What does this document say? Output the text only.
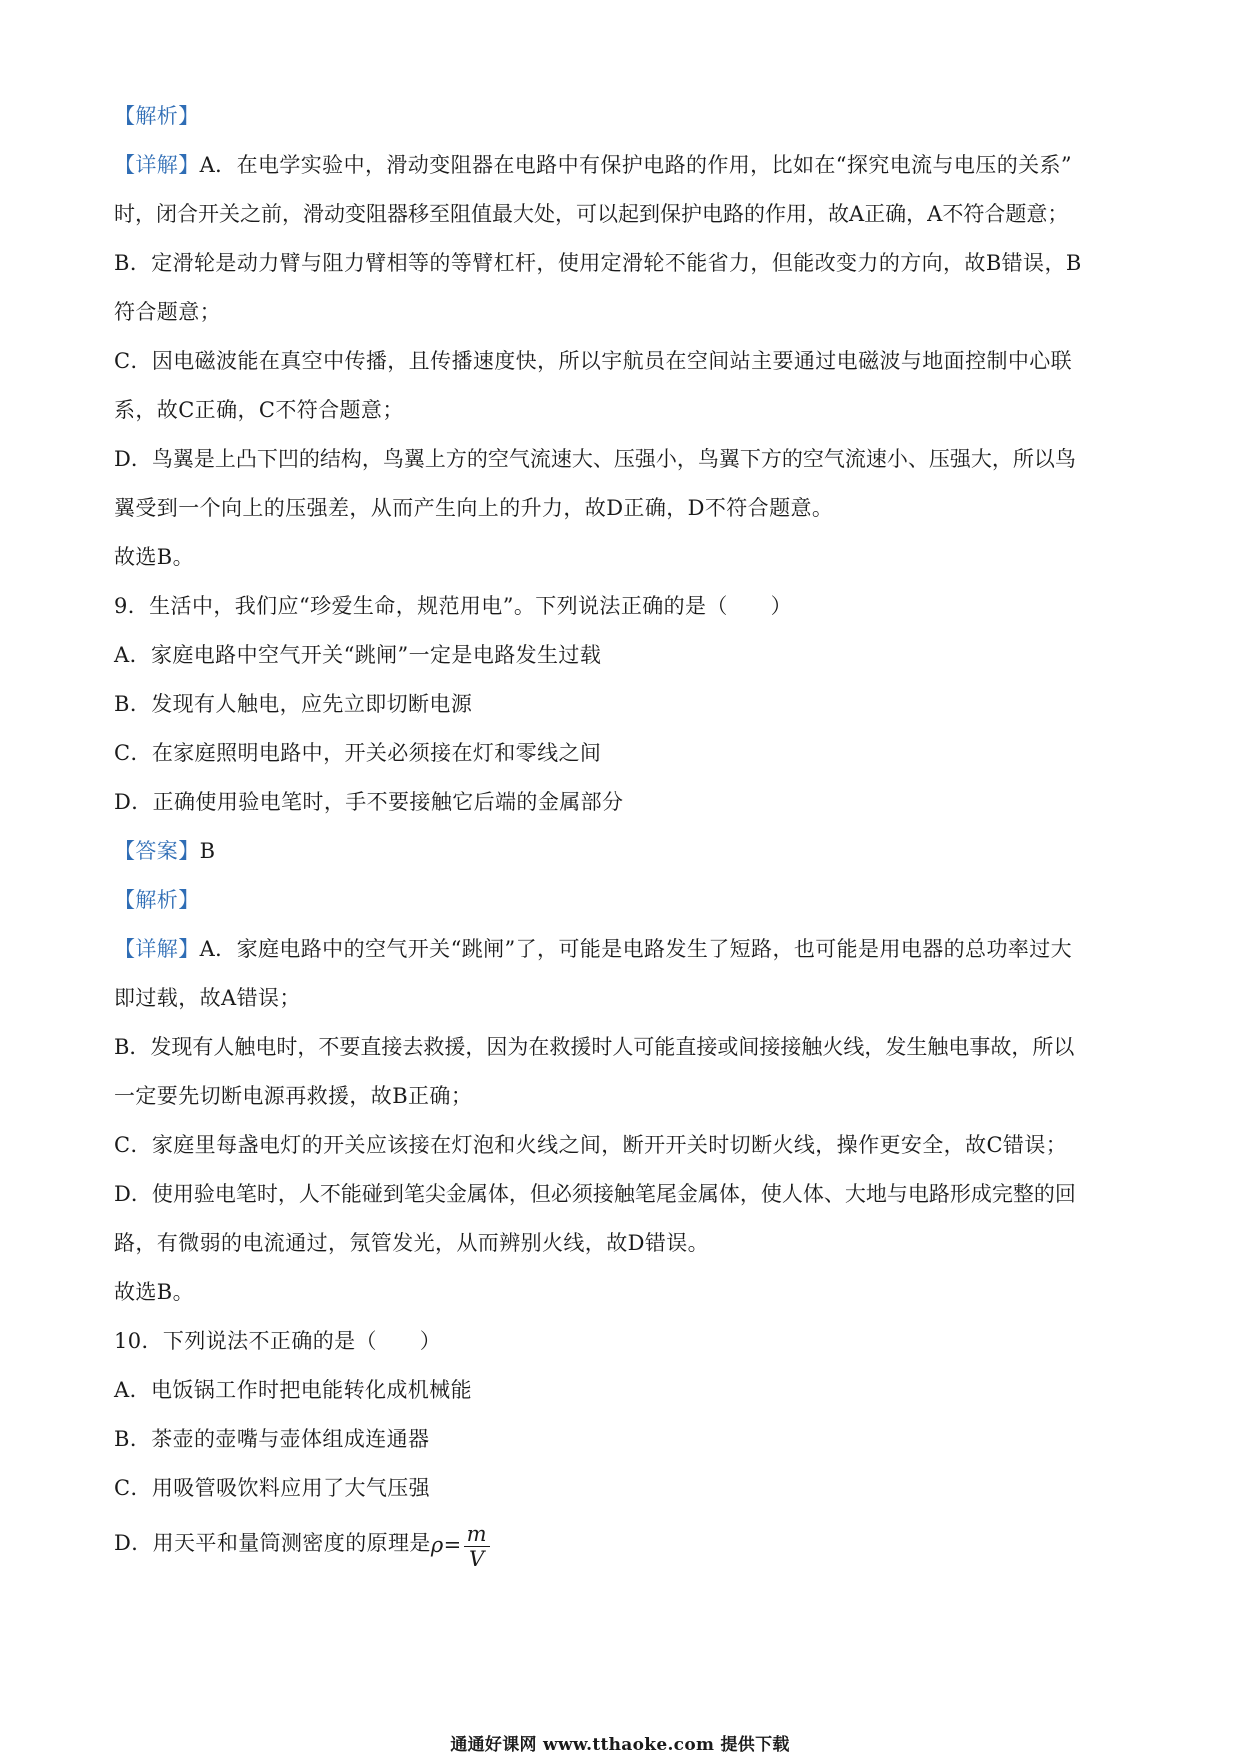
【解析】
【详解】A．在电学实验中，滑动变阻器在电路中有保护电路的作用，比如在“探究电流与电压的关系”
时，闭合开关之前，滑动变阻器移至阻值最大处，可以起到保护电路的作用，故A正确，A不符合题意；
B．定滑轮是动力臂与阻力臂相等的等臂杠杆，使用定滑轮不能省力，但能改变力的方向，故B错误，B
符合题意；
C．因电磁波能在真空中传播，且传播速度快，所以宇航员在空间站主要通过电磁波与地面控制中心联
系，故C正确，C不符合题意；
D．鸟翼是上凸下凹的结构，鸟翼上方的空气流速大、压强小，鸟翼下方的空气流速小、压强大，所以鸟
翼受到一个向上的压强差，从而产生向上的升力，故D正确，D不符合题意。
故选B。
9．生活中，我们应“珍爱生命，规范用电”。下列说法正确的是（　　）
A．家庭电路中空气开关“跳闸”一定是电路发生过载
B．发现有人触电，应先立即切断电源
C．在家庭照明电路中，开关必须接在灯和零线之间
D．正确使用验电笔时，手不要接触它后端的金属部分
【答案】B
【解析】
【详解】A．家庭电路中的空气开关“跳闸”了，可能是电路发生了短路，也可能是用电器的总功率过大
即过载，故A错误；
B．发现有人触电时，不要直接去救援，因为在救援时人可能直接或间接接触火线，发生触电事故，所以
一定要先切断电源再救援，故B正确；
C．家庭里每盏电灯的开关应该接在灯泡和火线之间，断开开关时切断火线，操作更安全，故C错误；
D．使用验电笔时，人不能碰到笔尖金属体，但必须接触笔尾金属体，使人体、大地与电路形成完整的回
路，有微弱的电流通过，氖管发光，从而辨别火线，故D错误。
故选B。
10．下列说法不正确的是（　　）
A．电饭锅工作时把电能转化成机械能
B．茶壶的壶嘴与壶体组成连通器
C．用吸管吸饮料应用了大气压强
D．用天平和量筒测密度的原理是$\rho= \frac{m}{V}$
通通好课网 www.tthaoke.com 提供下载
